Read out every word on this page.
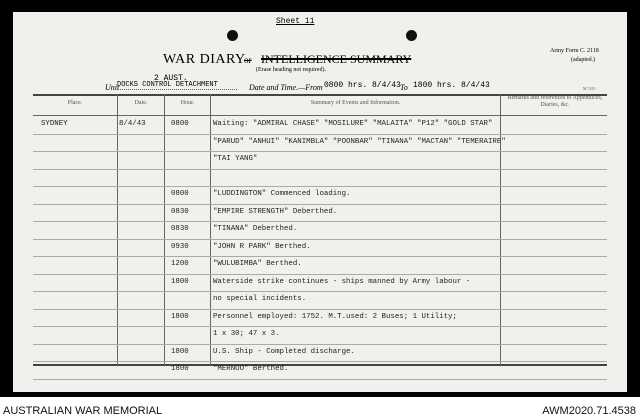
Sheet 11
WAR DIARY
or INTELLIGENCE SUMMARY
(Erase heading not required).
Army Form C. 2118
(adapted.)
2 AUST.
Unit
DOCKS CONTROL DETACHMENT	Date and Time.—From 0800 hrs. 8/4/43 To 1800 hrs. 8/4/43	M 7415
Place.	Date.	Hour.	Summary of Events and Information.
Remarks and references to Appendices, Diaries, &c.
SYDNEY	8/4/43	0800	Waiting: "ADMIRAL CHASE" "MOSILURE" "MALAITA" "P12" "GOLD STAR"
"PARUD" "ANHUI" "KANIMBLA" "POONBAR" "TINANA" "MACTAN" "TEMERAIRE"
"TAI YANG"
0800	"LUDDINGTON" Commenced loading.
0830	"EMPIRE STRENGTH" Deberthed.
0830	"TINANA" Deberthed.
0930	"JOHN R PARK" Berthed.
1200	"WULUBIMBA" Berthed.
1800	Waterside strike continues - ships manned by Army labour -
no special incidents.
1800	Personnel employed: 1752. M.T.used: 2 Buses; 1 Utility;
1 x 30; 47 x 3.
1800	U.S. Ship - Completed discharge.
1800	"MERNOO" Berthed.
AUSTRALIAN WAR MEMORIAL	AWM2020.71.4538
